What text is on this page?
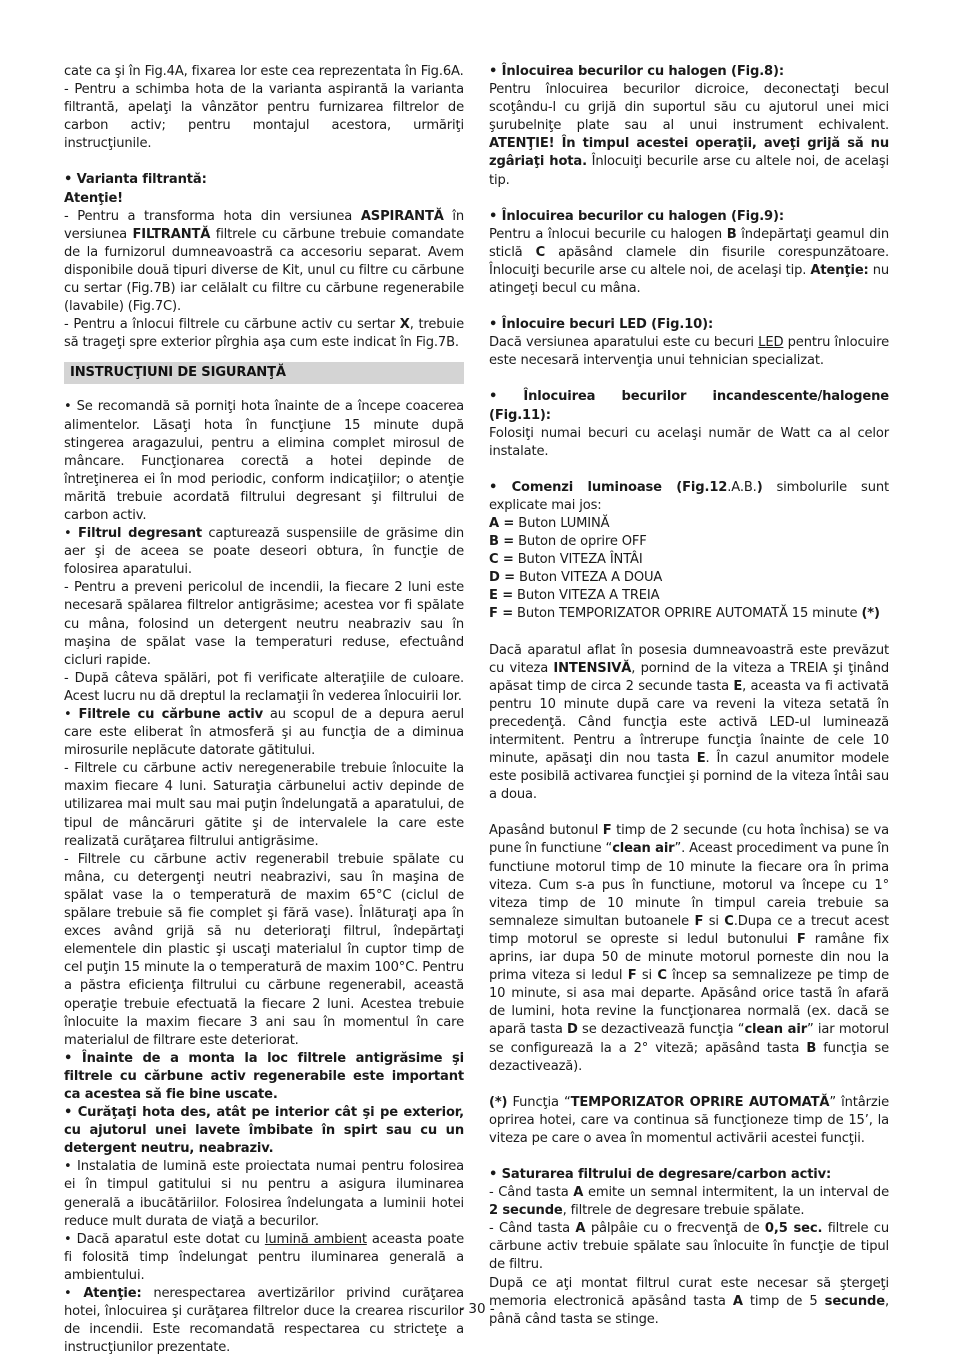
cate ca şi în Fig.4A, fixarea lor este cea reprezentata în Fig.6A.

- Pentru a schimba hota de la varianta aspirantă la varianta filtrantă, apelaţi la vânzător pentru furnizarea filtrelor de carbon activ; pentru montajul acestora, urmăriţi instrucţiunile.

• Varianta filtrantă:

Atenţie!

- Pentru a transforma hota din versiunea ASPIRANTĂ în versiunea FILTRANTĂ filtrele cu cărbune trebuie comandate de la furnizorul dumneavoastră ca accesoriu separat. Avem disponibile două tipuri diverse de Kit, unul cu filtre cu cărbune cu sertar (Fig.7B) iar celălalt cu filtre cu cărbune regenerabile (lavabile) (Fig.7C).

- Pentru a înlocui filtrele cu cărbune activ cu sertar X, trebuie să trageţi spre exterior pîrghia aşa cum este indicat în Fig.7B.

INSTRUCŢIUNI DE SIGURANŢĂ

• Se recomandă să porniţi hota înainte de a începe coacerea alimentelor. Lăsaţi hota în funcţiune 15 minute după stingerea aragazului, pentru a elimina complet mirosul de mâncare. Funcţionarea corectă a hotei depinde de întreţinerea ei în mod periodic, conform indicaţiilor; o atenţie mărită trebuie acordată filtrului degresant şi filtrului de carbon activ.

• Filtrul degresant capturează suspensiile de grăsime din aer şi de aceea se poate deseori obtura, în funcţie de folosirea aparatului.

- Pentru a preveni pericolul de incendii, la fiecare 2 luni este necesară spălarea filtrelor antigrăsime; acestea vor fi spălate cu mâna, folosind un detergent neutru neabraziv sau în maşina de spălat vase la temperaturi reduse, efectuând cicluri rapide.

- După câteva spălări, pot fi verificate alteraţiile de culoare. Acest lucru nu dă dreptul la reclamaţii în vederea înlocuirii lor.

• Filtrele cu cărbune activ au scopul de a depura aerul care este eliberat în atmosferă şi au funcţia de a diminua mirosurile neplăcute datorate gătitului.

- Filtrele cu cărbune activ neregenerabile trebuie înlocuite la maxim fiecare 4 luni. Saturaţia cărbunelui activ depinde de utilizarea mai mult sau mai puţin îndelungată a aparatului, de tipul de mâncăruri gătite şi de intervalele la care este realizată curăţarea filtrului antigrăsime.

- Filtrele cu cărbune activ regenerabil trebuie spălate cu mâna, cu detergenţi neutri neabrazivi, sau în maşina de spălat vase la o temperatură de maxim 65°C (ciclul de spălare trebuie să fie complet şi fără vase). Înlăturaţi apa în exces având grijă să nu deterioraţi filtrul, îndepărtaţi elementele din plastic şi uscaţi materialul în cuptor timp de cel puţin 15 minute la o temperatură de maxim 100°C. Pentru a păstra eficienţa filtrului cu cărbune regenerabil, această operaţie trebuie efectuată la fiecare 2 luni. Acestea trebuie înlocuite la maxim fiecare 3 ani sau în momentul în care materialul de filtrare este deteriorat.

• Înainte de a monta la loc filtrele antigrăsime şi filtrele cu cărbune activ regenerabile este important ca acestea să fie bine uscate.

• Curăţaţi hota des, atât pe interior cât şi pe exterior, cu ajutorul unei lavete îmbibate în spirt sau cu un detergent neutru, neabraziv.

• Instalatia de lumină este proiectata numai pentru folosirea ei în timpul gatitului si nu pentru a asigura iluminarea generală a ibucătăriilor. Folosirea îndelungata a luminii hotei reduce mult durata de viaţă a becurilor.

• Dacă aparatul este dotat cu lumină ambient aceasta poate fi folosită timp îndelungat pentru iluminarea generală a ambientului.

• Atenţie: nerespectarea avertizărilor privind curăţarea hotei, înlocuirea şi curăţarea filtrelor duce la crearea riscurilor de incendii. Este recomandată respectarea cu stricteţe a instrucţiunilor prezentate.

• Înlocuirea becurilor cu halogen (Fig.8):

Pentru înlocuirea becurilor dicroice, deconectaţi becul scoţându-l cu grijă din suportul său cu ajutorul unei mici şurubelniţe plate sau al unui instrument echivalent. ATENŢIE! În timpul acestei operaţii, aveţi grijă să nu zgâriaţi hota. Înlocuiţi becurile arse cu altele noi, de acelaşi tip.

• Înlocuirea becurilor cu halogen (Fig.9):

Pentru a înlocui becurile cu halogen B îndepărtaţi geamul din sticlă C apăsând clamele din fisurile corespunzătoare. Înlocuiţi becurile arse cu altele noi, de acelaşi tip. Atenţie: nu atingeţi becul cu mâna.

• Înlocuire becuri LED (Fig.10):

Dacă versiunea aparatului este cu becuri LED pentru înlocuire este necesară intervenţia unui tehnician specializat.

• Înlocuirea becurilor incandescente/halogene (Fig.11):

Folosiţi numai becuri cu acelaşi număr de Watt ca al celor instalate.

• Comenzi luminoase (Fig.12.A.B.) simbolurile sunt explicate mai jos:

A = Buton LUMINĂ

B = Buton de oprire OFF

C = Buton VITEZA ÎNTÂI

D = Buton VITEZA A DOUA

E = Buton VITEZA A TREIA

F = Buton TEMPORIZATOR OPRIRE AUTOMATĂ 15 minute (*)

Dacă aparatul aflat în posesia dumneavoastră este prevăzut cu viteza INTENSIVĂ, pornind de la viteza a TREIA şi ţinând apăsat timp de circa 2 secunde tasta E, aceasta va fi activată pentru 10 minute după care va reveni la viteza setată în precedenţă. Când funcţia este activă LED-ul luminează intermitent. Pentru a întrerupe funcţia înainte de cele 10 minute, apăsaţi din nou tasta E. În cazul anumitor modele este posibilă activarea funcţiei şi pornind de la viteza întâi sau a doua.

Apasând butonul F timp de 2 secunde (cu hota închisa) se va pune în functiune “clean air”. Aceast procediment va pune în functiune motorul timp de 10 minute la fiecare ora în prima viteza. Cum s-a pus în functiune, motorul va începe cu 1° viteza timp de 10 minute în timpul careia trebuie sa semnaleze simultan butoanele F si C.Dupa ce a trecut acest timp motorul se opreste si ledul butonului F ramâne fix aprins, iar dupa 50 de minute motorul porneste din nou la prima viteza si ledul F si C încep sa semnalizeze pe timp de 10 minute, si asa mai departe. Apăsând orice tastă în afară de lumini, hota revine la funcţionarea normală (ex. dacă se apară tasta D se dezactivează funcţia “clean air” iar motorul se configurează la a 2° viteză; apăsând tasta B funcţia se dezactivează).

(*) Funcţia “TEMPORIZATOR OPRIRE AUTOMATĂ” întârzie oprirea hotei, care va continua să funcţioneze timp de 15’, la viteza pe care o avea în momentul activării acestei funcţii.

• Saturarea filtrului de degresare/carbon activ:

- Când tasta A emite un semnal intermitent, la un interval de 2 secunde, filtrele de degresare trebuie spălate.

- Când tasta A pâlpâie cu o frecvenţă de 0,5 sec. filtrele cu cărbune activ trebuie spălate sau înlocuite în funcţie de tipul de filtru.

După ce aţi montat filtrul curat este necesar să ştergeţi memoria electronică apăsând tasta A timp de 5 secunde, până când tasta se stinge.

- 30 -
